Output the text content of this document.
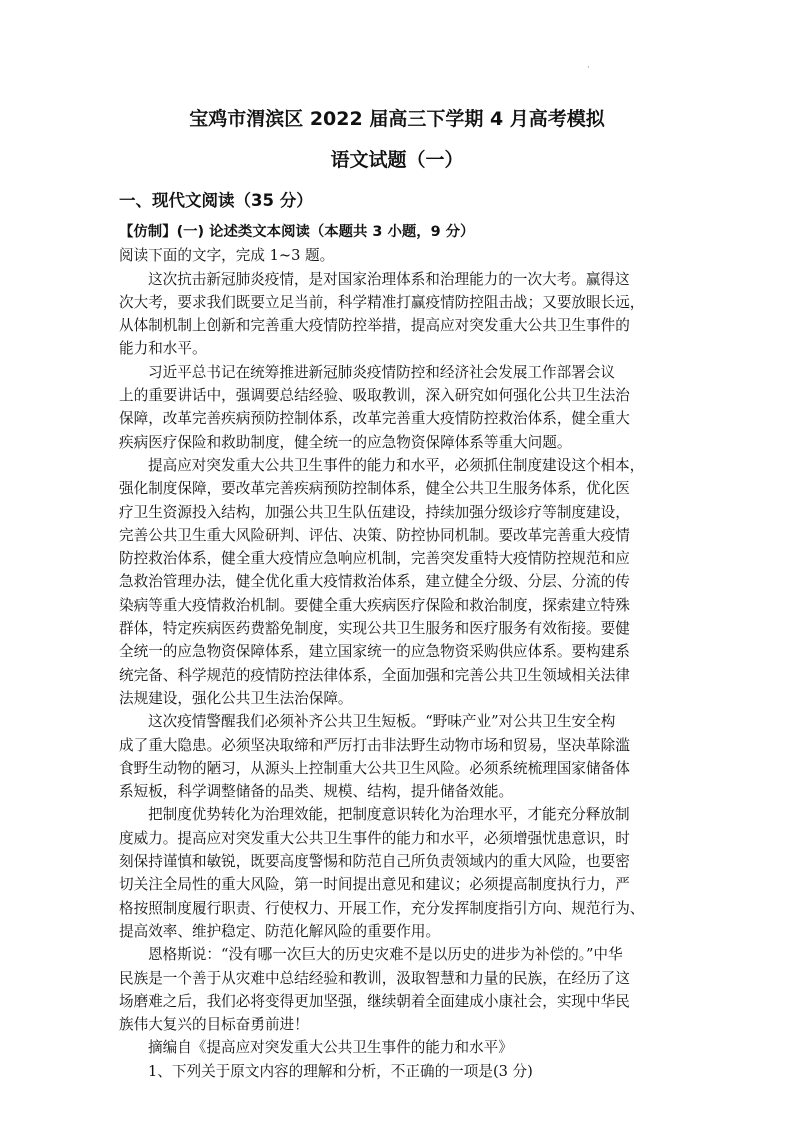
·
宝鸡市渭滨区 2022 届高三下学期 4 月高考模拟
语文试题（一）
一、现代文阅读（35 分）
【仿制】(一) 论述类文本阅读（本题共 3 小题，9 分）
阅读下面的文字，完成 1~3 题。
这次抗击新冠肺炎疫情，是对国家治理体系和治理能力的一次大考。赢得这
次大考，要求我们既要立足当前，科学精准打赢疫情防控阻击战；又要放眼长远，
从体制机制上创新和完善重大疫情防控举措，提高应对突发重大公共卫生事件的
能力和水平。
习近平总书记在统筹推进新冠肺炎疫情防控和经济社会发展工作部署会议
上的重要讲话中，强调要总结经验、吸取教训，深入研究如何强化公共卫生法治
保障，改革完善疾病预防控制体系，改革完善重大疫情防控救治体系，健全重大
疾病医疗保险和救助制度，健全统一的应急物资保障体系等重大问题。
提高应对突发重大公共卫生事件的能力和水平，必须抓住制度建设这个相本，
强化制度保障，要改革完善疾病预防控制体系，健全公共卫生服务体系，优化医
疗卫生资源投入结构，加强公共卫生队伍建设，持续加强分级诊疗等制度建设，
完善公共卫生重大风险研判、评估、决策、防控协同机制。要改革完善重大疫情
防控救治体系，健全重大疫情应急响应机制，完善突发重特大疫情防控规范和应
急救治管理办法，健全优化重大疫情救治体系，建立健全分级、分层、分流的传
染病等重大疫情救治机制。要健全重大疾病医疗保险和救治制度，探索建立特殊
群体，特定疾病医药费豁免制度，实现公共卫生服务和医疗服务有效衔接。要健
全统一的应急物资保障体系，建立国家统一的应急物资采购供应体系。要构建系
统完备、科学规范的疫情防控法律体系，全面加强和完善公共卫生领域相关法律
法规建设，强化公共卫生法治保障。
这次疫情警醒我们必须补齐公共卫生短板。“野味产业”对公共卫生安全构
成了重大隐患。必须坚决取缔和严厉打击非法野生动物市场和贸易，坚决革除滥
食野生动物的陋习，从源头上控制重大公共卫生风险。必须系统梳理国家储备体
系短板，科学调整储备的品类、规模、结构，提升储备效能。
把制度优势转化为治理效能，把制度意识转化为治理水平，才能充分释放制
度威力。提高应对突发重大公共卫生事件的能力和水平，必须增强忧患意识，时
刻保持谨慎和敏锐，既要高度警惕和防范自己所负责领域内的重大风险，也要密
切关注全局性的重大风险，第一时间提出意见和建议；必须提高制度执行力，严
格按照制度履行职责、行使权力、开展工作，充分发挥制度指引方向、规范行为、
提高效率、维护稳定、防范化解风险的重要作用。
恩格斯说：“没有哪一次巨大的历史灾难不是以历史的进步为补偿的。”中华
民族是一个善于从灾难中总结经验和教训，汲取智慧和力量的民族，在经历了这
场磨难之后，我们必将变得更加坚强，继续朝着全面建成小康社会，实现中华民
族伟大复兴的目标奋勇前进！
摘编自《提高应对突发重大公共卫生事件的能力和水平》
1、下列关于原文内容的理解和分析，不正确的一项是(3 分)
